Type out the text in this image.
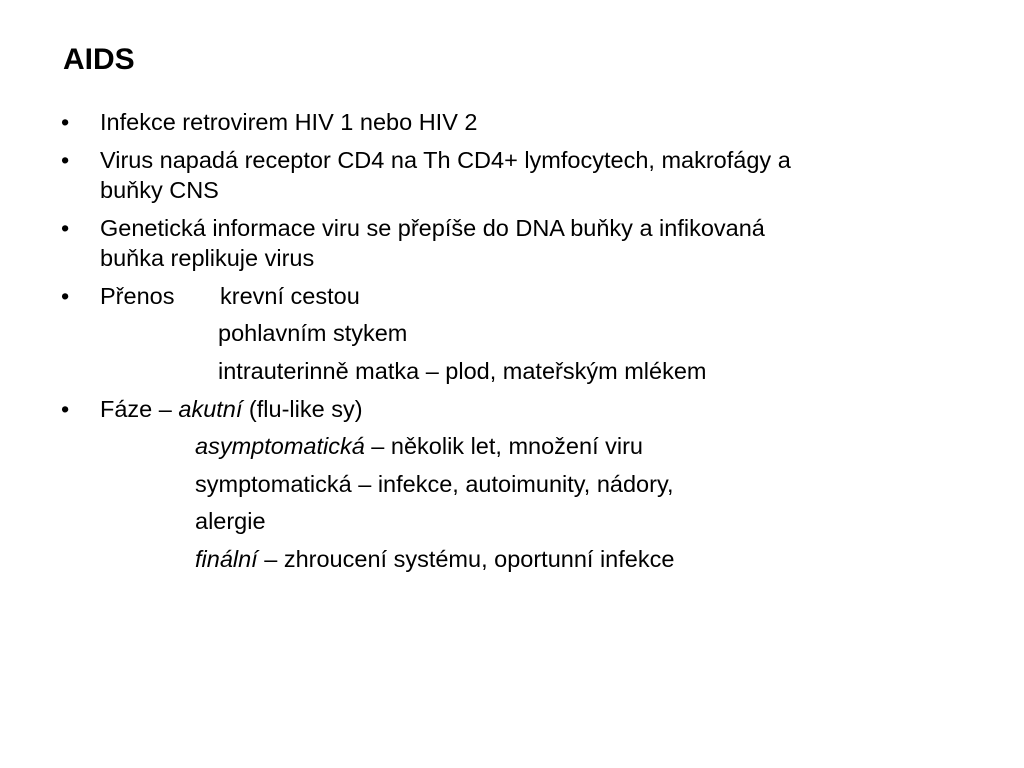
AIDS
• Infekce retrovirem HIV 1 nebo HIV 2
• Virus napadá receptor CD4 na Th CD4+ lymfocytech, makrofágy a
buňky CNS
• Genetická informace viru se přepíše do DNA buňky a infikovaná
buňka replikuje virus
• Přenos krevní cestou
pohlavním stykem
intrauterinně matka – plod, mateřským mlékem
• Fáze – akutní (flu-like sy)
asymptomatická – několik let, množení viru
symptomatická – infekce, autoimunity, nádory,
alergie
finální – zhroucení systému, oportunní infekce
